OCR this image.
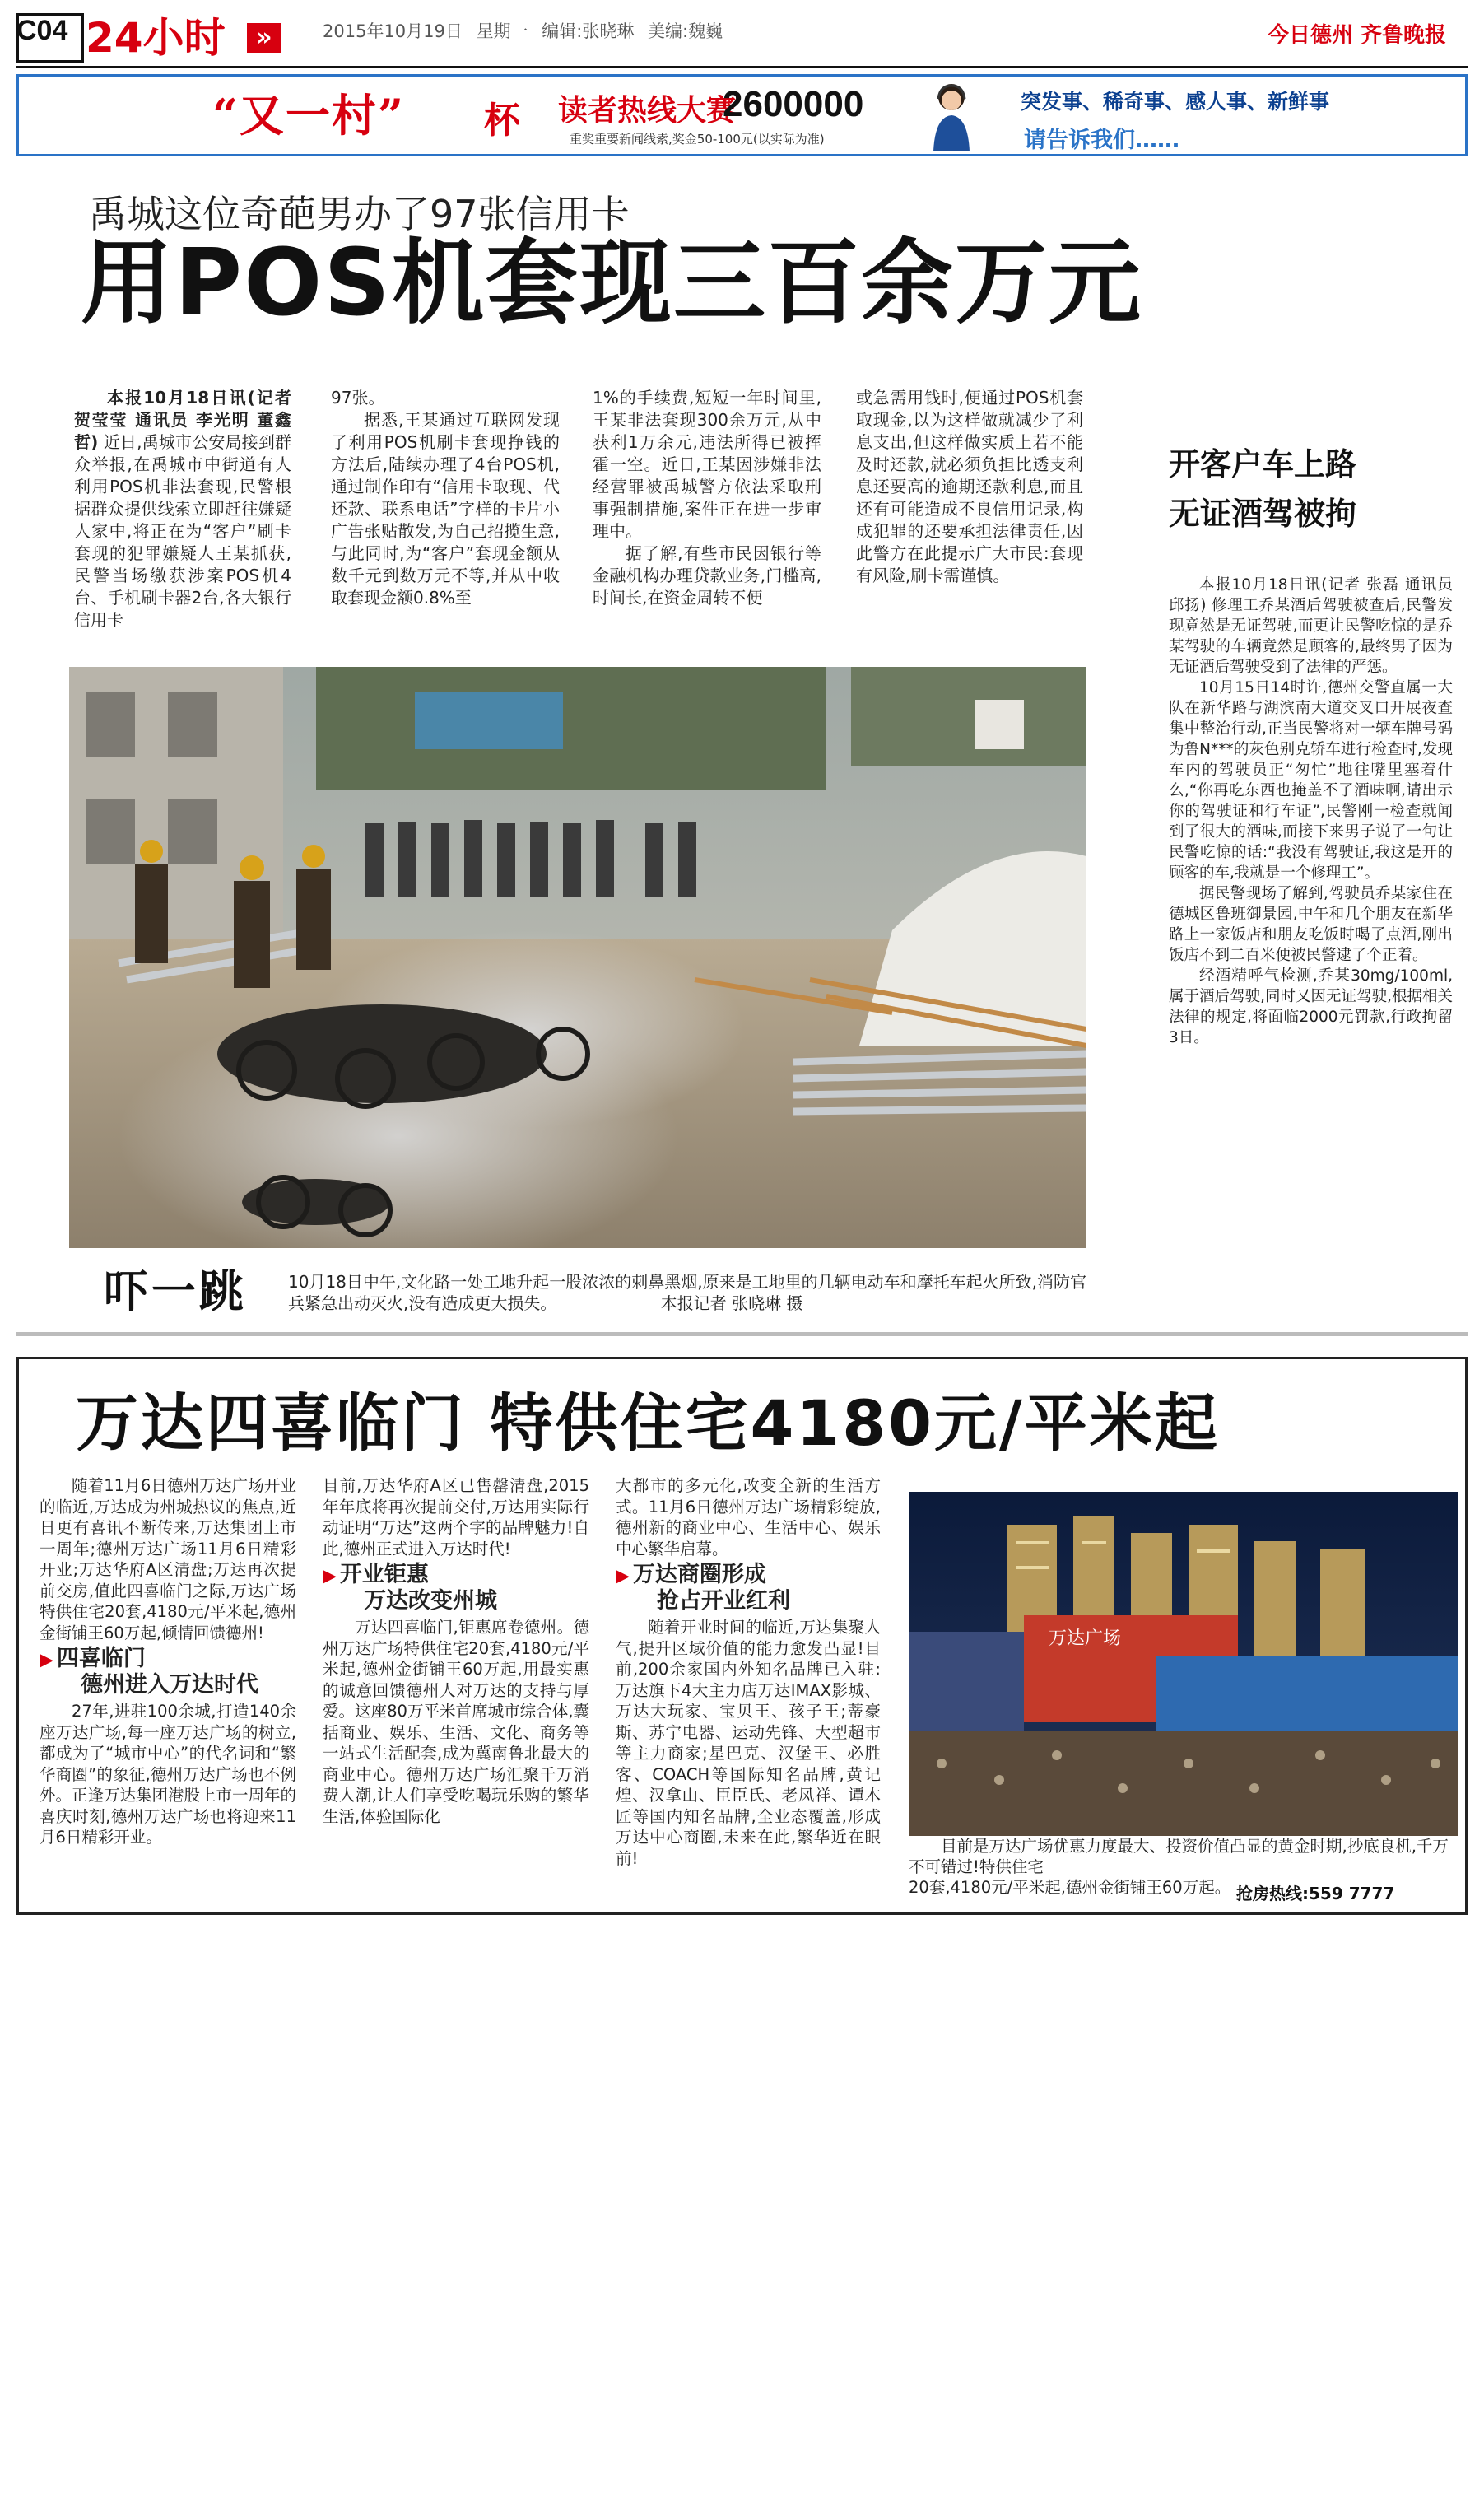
C04 24小时	»	2015年10月19日 星期一 编辑:张晓琳 美编:魏巍	今日德州 齐鲁晚报
“又一村” 杯 读者热线大赛
2600000
重奖重要新闻线索,奖金50-100元(以实际为准)
突发事、稀奇事、感人事、新鲜事
请告诉我们……
禹城这位奇葩男办了97张信用卡
用POS机套现三百余万元

本报10月18日讯(记者 贺莹莹 通讯员 李光明 董鑫哲) 近日,禹城市公安局接到群众举报,在禹城市中街道有人利用POS机非法套现,民警根据群众提供线索立即赶往嫌疑人家中,将正在为“客户”刷卡套现的犯罪嫌疑人王某抓获,民警当场缴获涉案POS机4台、手机刷卡器2台,各大银行信用卡

97张。

据悉,王某通过互联网发现了利用POS机刷卡套现挣钱的方法后,陆续办理了4台POS机,通过制作印有“信用卡取现、代还款、联系电话”字样的卡片小广告张贴散发,为自己招揽生意,与此同时,为“客户”套现金额从数千元到数万元不等,并从中收取套现金额0.8%至

1%的手续费,短短一年时间里,王某非法套现300余万元,从中获利1万余元,违法所得已被挥霍一空。近日,王某因涉嫌非法经营罪被禹城警方依法采取刑事强制措施,案件正在进一步审理中。

据了解,有些市民因银行等金融机构办理贷款业务,门槛高,时间长,在资金周转不便

或急需用钱时,便通过POS机套取现金,以为这样做就减少了利息支出,但这样做实质上若不能及时还款,就必须负担比透支利息还要高的逾期还款利息,而且还有可能造成不良信用记录,构成犯罪的还要承担法律责任,因此警方在此提示广大市民:套现有风险,刷卡需谨慎。

开客户车上路
无证酒驾被拘

本报10月18日讯(记者 张磊 通讯员 邱扬) 修理工乔某酒后驾驶被查后,民警发现竟然是无证驾驶,而更让民警吃惊的是乔某驾驶的车辆竟然是顾客的,最终男子因为无证酒后驾驶受到了法律的严惩。

10月15日14时许,德州交警直属一大队在新华路与湖滨南大道交叉口开展夜查集中整治行动,正当民警将对一辆车牌号码为鲁N***的灰色别克轿车进行检查时,发现车内的驾驶员正“匆忙”地往嘴里塞着什么,“你再吃东西也掩盖不了酒味啊,请出示你的驾驶证和行车证”,民警刚一检查就闻到了很大的酒味,而接下来男子说了一句让民警吃惊的话:“我没有驾驶证,我这是开的顾客的车,我就是一个修理工”。

据民警现场了解到,驾驶员乔某家住在德城区鲁班御景园,中午和几个朋友在新华路上一家饭店和朋友吃饭时喝了点酒,刚出饭店不到二百米便被民警逮了个正着。

经酒精呼气检测,乔某30mg/100ml,属于酒后驾驶,同时又因无证驾驶,根据相关法律的规定,将面临2000元罚款,行政拘留3日。

吓一跳	10月18日中午,文化路一处工地升起一股浓浓的刺鼻黑烟,原来是工地里的几辆电动车和摩托车起火所致,消防官兵紧急出动灭火,没有造成更大损失。	本报记者 张晓琳 摄
万达四喜临门 特供住宅4180元/平米起

随着11月6日德州万达广场开业的临近,万达成为州城热议的焦点,近日更有喜讯不断传来,万达集团上市一周年;德州万达广场11月6日精彩开业;万达华府A区清盘;万达再次提前交房,值此四喜临门之际,万达广场特供住宅20套,4180元/平米起,德州金街铺王60万起,倾情回馈德州!

▶ 四喜临门
德州进入万达时代

27年,进驻100余城,打造140余座万达广场,每一座万达广场的树立,都成为了“城市中心”的代名词和“繁华商圈”的象征,德州万达广场也不例外。正逢万达集团港股上市一周年的喜庆时刻,德州万达广场也将迎来11月6日精彩开业。

目前,万达华府A区已售罄清盘,2015年年底将再次提前交付,万达用实际行动证明“万达”这两个字的品牌魅力!自此,德州正式进入万达时代!

▶ 开业钜惠
万达改变州城

万达四喜临门,钜惠席卷德州。德州万达广场特供住宅20套,4180元/平米起,德州金街铺王60万起,用最实惠的诚意回馈德州人对万达的支持与厚爱。这座80万平米首席城市综合体,囊括商业、娱乐、生活、文化、商务等一站式生活配套,成为冀南鲁北最大的商业中心。德州万达广场汇聚千万消费人潮,让人们享受吃喝玩乐购的繁华生活,体验国际化

大都市的多元化,改变全新的生活方式。11月6日德州万达广场精彩绽放,德州新的商业中心、生活中心、娱乐中心繁华启幕。

▶ 万达商圈形成
抢占开业红利

随着开业时间的临近,万达集聚人气,提升区域价值的能力愈发凸显!目前,200余家国内外知名品牌已入驻:万达旗下4大主力店万达IMAX影城、万达大玩家、宝贝王、孩子王;蒂豪斯、苏宁电器、运动先锋、大型超市等主力商家;星巴克、汉堡王、必胜客、COACH等国际知名品牌,黄记煌、汉拿山、臣臣氏、老凤祥、谭木匠等国内知名品牌,全业态覆盖,形成万达中心商圈,未来在此,繁华近在眼前!

万达广场
目前是万达广场优惠力度最大、投资价值凸显的黄金时期,抄底良机,千万不可错过!特供住宅
20套,4180元/平米起,德州金街铺王60万起。 抢房热线:559 7777
